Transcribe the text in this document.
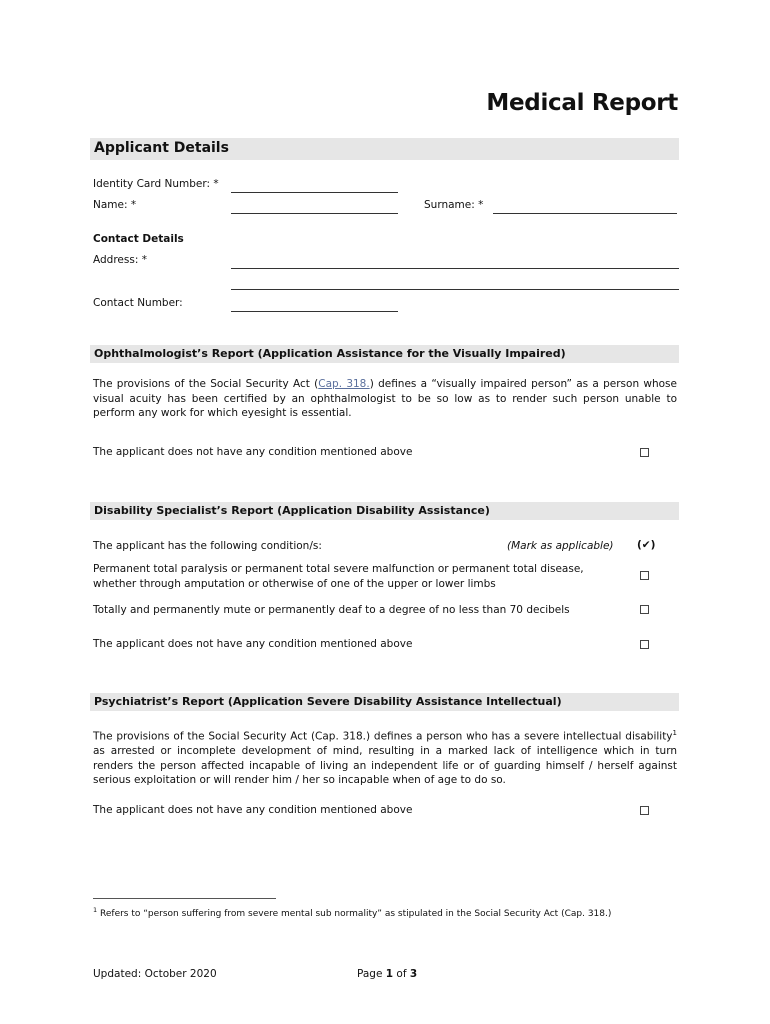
Medical Report
Applicant Details
Identity Card Number: *
Name: *	Surname: *
Contact Details
Address: *
Contact Number:
Ophthalmologist’s Report (Application Assistance for the Visually Impaired)
The provisions of the Social Security Act (Cap. 318.) defines a “visually impaired person” as a person whose visual acuity has been certified by an ophthalmologist to be so low as to render such person unable to perform any work for which eyesight is essential.
The applicant does not have any condition mentioned above
Disability Specialist’s Report (Application Disability Assistance)
The applicant has the following condition/s:	(Mark as applicable) (✔)
Permanent total paralysis or permanent total severe malfunction or permanent total disease,
whether through amputation or otherwise of one of the upper or lower limbs
Totally and permanently mute or permanently deaf to a degree of no less than 70 decibels
The applicant does not have any condition mentioned above
Psychiatrist’s Report (Application Severe Disability Assistance Intellectual)
The provisions of the Social Security Act (Cap. 318.) defines a person who has a severe intellectual disability$^1$ as arrested or incomplete development of mind, resulting in a marked lack of intelligence which in turn renders the person affected incapable of living an independent life or of guarding himself / herself against serious exploitation or will render him / her so incapable when of age to do so.
The applicant does not have any condition mentioned above
$^1$ Refers to “person suffering from severe mental sub normality” as stipulated in the Social Security Act (Cap. 318.)
Updated: October 2020	Page 1 of 3
